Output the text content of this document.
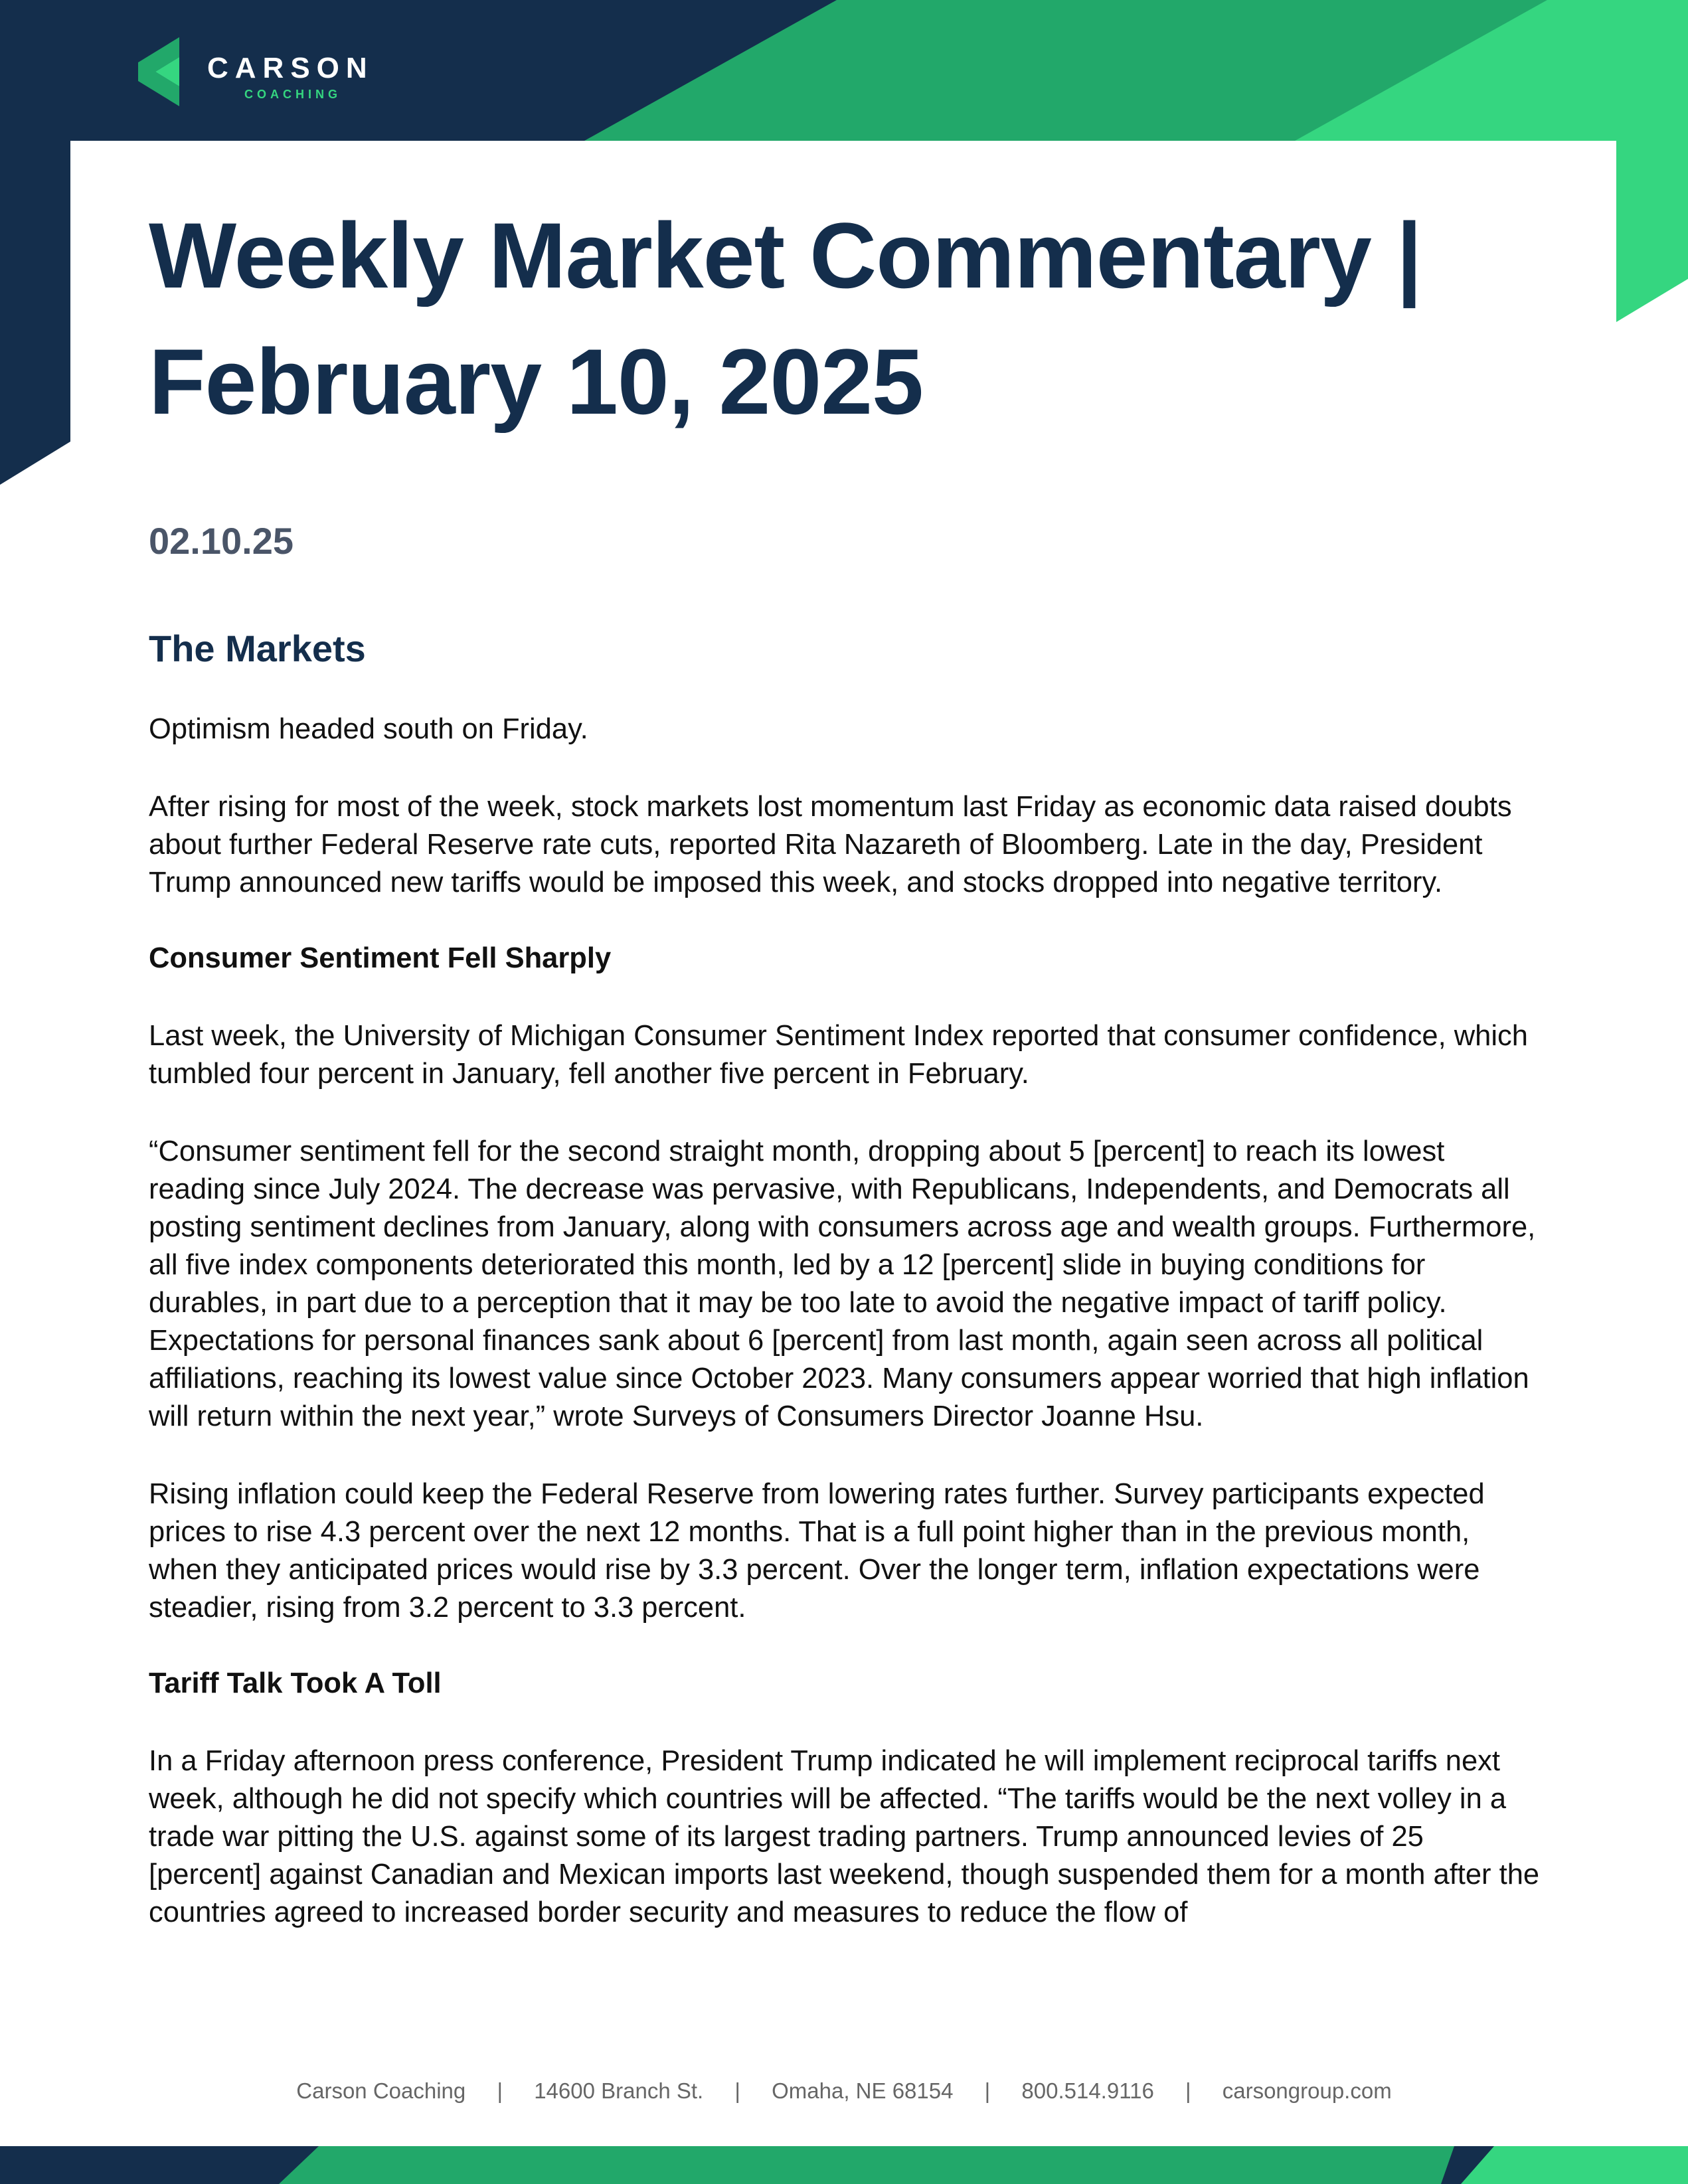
CARSON
COACHING
Weekly Market Commentary | February 10, 2025
02.10.25
The Markets

Optimism headed south on Friday.

After rising for most of the week, stock markets lost momentum last Friday as economic data raised doubts about further Federal Reserve rate cuts, reported Rita Nazareth of Bloomberg. Late in the day, President Trump announced new tariffs would be imposed this week, and stocks dropped into negative territory.

Consumer Sentiment Fell Sharply

Last week, the University of Michigan Consumer Sentiment Index reported that consumer confidence, which tumbled four percent in January, fell another five percent in February.

“Consumer sentiment fell for the second straight month, dropping about 5 [percent] to reach its lowest reading since July 2024. The decrease was pervasive, with Republicans, Independents, and Democrats all posting sentiment declines from January, along with consumers across age and wealth groups. Furthermore, all five index components deteriorated this month, led by a 12 [percent] slide in buying conditions for durables, in part due to a perception that it may be too late to avoid the negative impact of tariff policy. Expectations for personal finances sank about 6 [percent] from last month, again seen across all political affiliations, reaching its lowest value since October 2023. Many consumers appear worried that high inflation will return within the next year,” wrote Surveys of Consumers Director Joanne Hsu.

Rising inflation could keep the Federal Reserve from lowering rates further. Survey participants expected prices to rise 4.3 percent over the next 12 months. That is a full point higher than in the previous month, when they anticipated prices would rise by 3.3 percent. Over the longer term, inflation expectations were steadier, rising from 3.2 percent to 3.3 percent.

Tariff Talk Took A Toll

In a Friday afternoon press conference, President Trump indicated he will implement reciprocal tariffs next week, although he did not specify which countries will be affected. “The tariffs would be the next volley in a trade war pitting the U.S. against some of its largest trading partners. Trump announced levies of 25 [percent] against Canadian and Mexican imports last weekend, though suspended them for a month after the countries agreed to increased border security and measures to reduce the flow of

Carson Coaching | 14600 Branch St. | Omaha, NE 68154 | 800.514.9116 | carsongroup.com
